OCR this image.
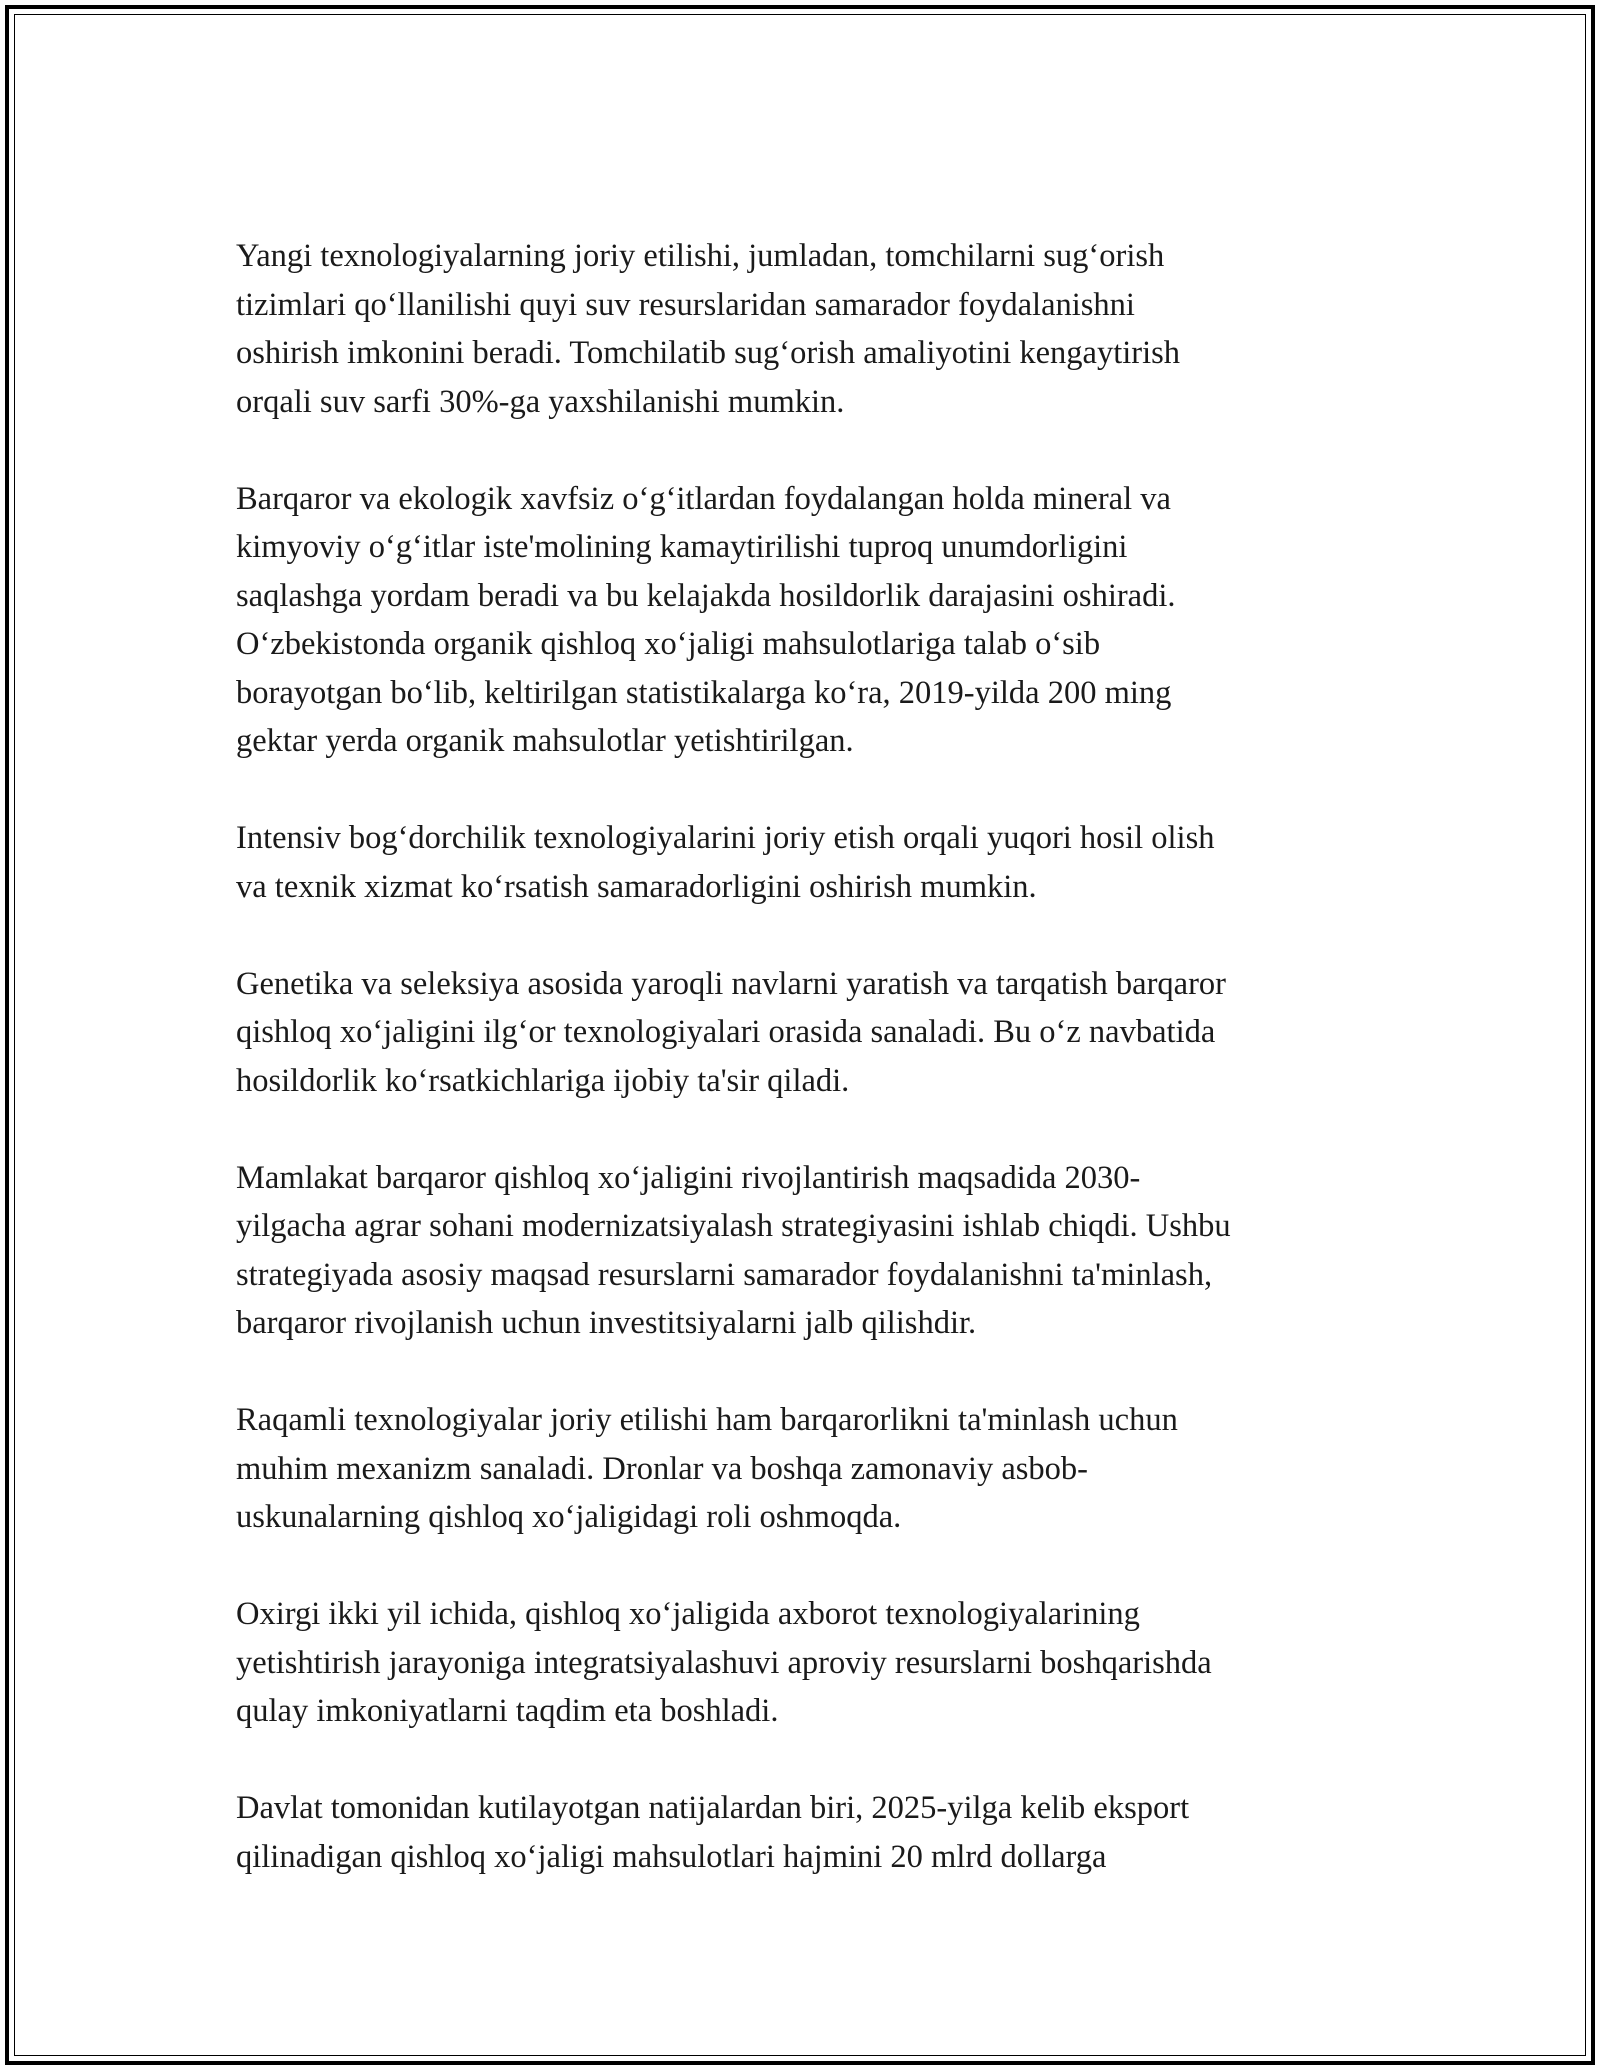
Yangi texnologiyalarning joriy etilishi, jumladan, tomchilarni sug‘orish
tizimlari qo‘llanilishi quyi suv resurslaridan samarador foydalanishni
oshirish imkonini beradi. Tomchilatib sug‘orish amaliyotini kengaytirish
orqali suv sarfi 30%-ga yaxshilanishi mumkin.

Barqaror va ekologik xavfsiz o‘g‘itlardan foydalangan holda mineral va
kimyoviy o‘g‘itlar iste'molining kamaytirilishi tuproq unumdorligini
saqlashga yordam beradi va bu kelajakda hosildorlik darajasini oshiradi.
O‘zbekistonda organik qishloq xo‘jaligi mahsulotlariga talab o‘sib
borayotgan bo‘lib, keltirilgan statistikalarga ko‘ra, 2019-yilda 200 ming
gektar yerda organik mahsulotlar yetishtirilgan.

Intensiv bog‘dorchilik texnologiyalarini joriy etish orqali yuqori hosil olish
va texnik xizmat ko‘rsatish samaradorligini oshirish mumkin.

Genetika va seleksiya asosida yaroqli navlarni yaratish va tarqatish barqaror
qishloq xo‘jaligini ilg‘or texnologiyalari orasida sanaladi. Bu o‘z navbatida
hosildorlik ko‘rsatkichlariga ijobiy ta'sir qiladi.

Mamlakat barqaror qishloq xo‘jaligini rivojlantirish maqsadida 2030-
yilgacha agrar sohani modernizatsiyalash strategiyasini ishlab chiqdi. Ushbu
strategiyada asosiy maqsad resurslarni samarador foydalanishni ta'minlash,
barqaror rivojlanish uchun investitsiyalarni jalb qilishdir.

Raqamli texnologiyalar joriy etilishi ham barqarorlikni ta'minlash uchun
muhim mexanizm sanaladi. Dronlar va boshqa zamonaviy asbob-
uskunalarning qishloq xo‘jaligidagi roli oshmoqda.

Oxirgi ikki yil ichida, qishloq xo‘jaligida axborot texnologiyalarining
yetishtirish jarayoniga integratsiyalashuvi aproviy resurslarni boshqarishda
qulay imkoniyatlarni taqdim eta boshladi.

Davlat tomonidan kutilayotgan natijalardan biri, 2025-yilga kelib eksport
qilinadigan qishloq xo‘jaligi mahsulotlari hajmini 20 mlrd dollarga
